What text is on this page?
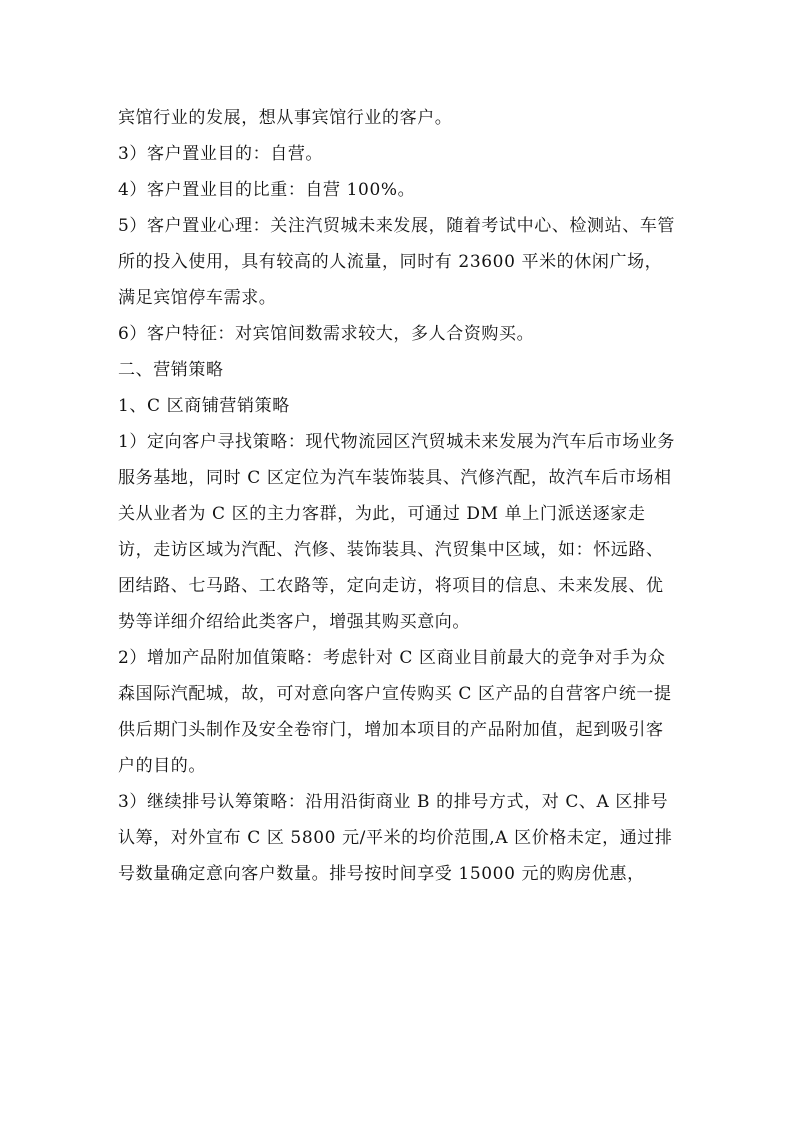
宾馆行业的发展，想从事宾馆行业的客户。

3）客户置业目的：自营。

4）客户置业目的比重：自营 100%。

5）客户置业心理：关注汽贸城未来发展，随着考试中心、检测站、车管所的投入使用，具有较高的人流量，同时有 23600 平米的休闲广场，满足宾馆停车需求。

6）客户特征：对宾馆间数需求较大，多人合资购买。

二、营销策略

1、C 区商铺营销策略

1）定向客户寻找策略：现代物流园区汽贸城未来发展为汽车后市场业务服务基地，同时 C 区定位为汽车装饰装具、汽修汽配，故汽车后市场相关从业者为 C 区的主力客群，为此，可通过 DM 单上门派送逐家走访，走访区域为汽配、汽修、装饰装具、汽贸集中区域，如：怀远路、团结路、七马路、工农路等，定向走访，将项目的信息、未来发展、优势等详细介绍给此类客户，增强其购买意向。

2）增加产品附加值策略：考虑针对 C 区商业目前最大的竞争对手为众森国际汽配城，故，可对意向客户宣传购买 C 区产品的自营客户统一提供后期门头制作及安全卷帘门，增加本项目的产品附加值，起到吸引客户的目的。

3）继续排号认筹策略：沿用沿街商业 B 的排号方式，对 C、A 区排号认筹，对外宣布 C 区 5800 元/平米的均价范围,A 区价格未定，通过排号数量确定意向客户数量。排号按时间享受 15000 元的购房优惠，
